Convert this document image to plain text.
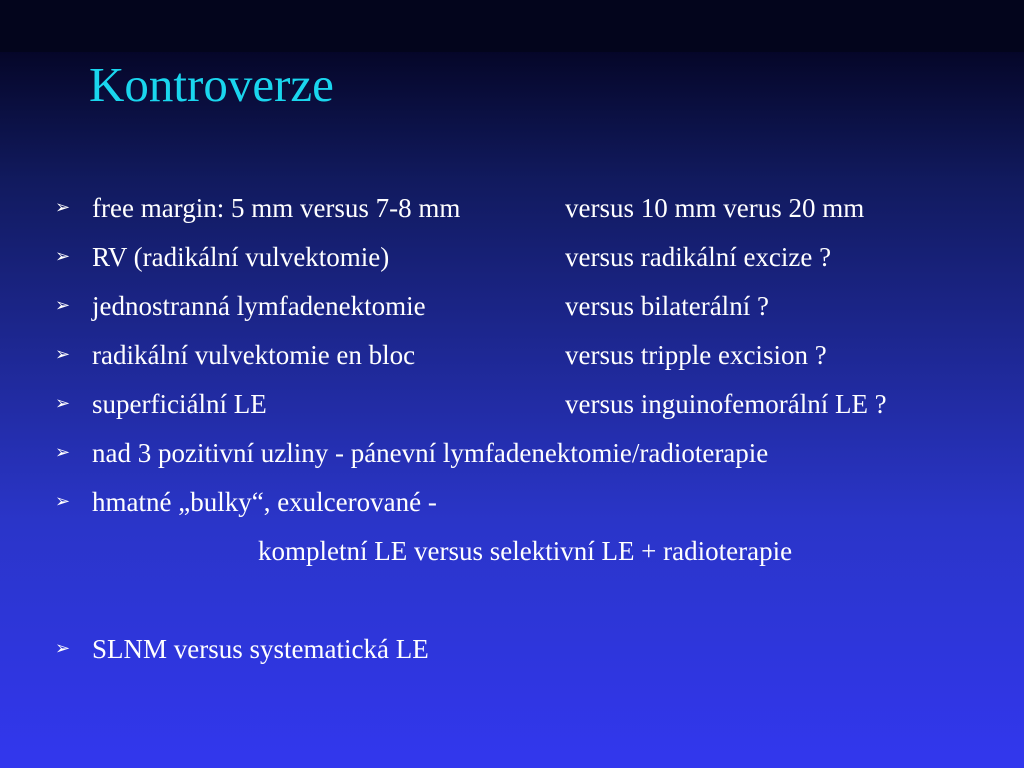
Kontroverze
➢ free margin: 5 mm versus 7-8 mm	versus 10 mm verus 20 mm
➢ RV (radikální vulvektomie)	versus radikální excize ?
➢ jednostranná lymfadenektomie	versus bilaterální ?
➢ radikální vulvektomie en bloc	versus tripple excision ?
➢ superficiální LE	versus inguinofemorální LE ?
➢ nad 3 pozitivní uzliny - pánevní lymfadenektomie/radioterapie
➢ hmatné „bulky“, exulcerované -
kompletní LE versus selektivní LE + radioterapie
➢ SLNM versus systematická LE
